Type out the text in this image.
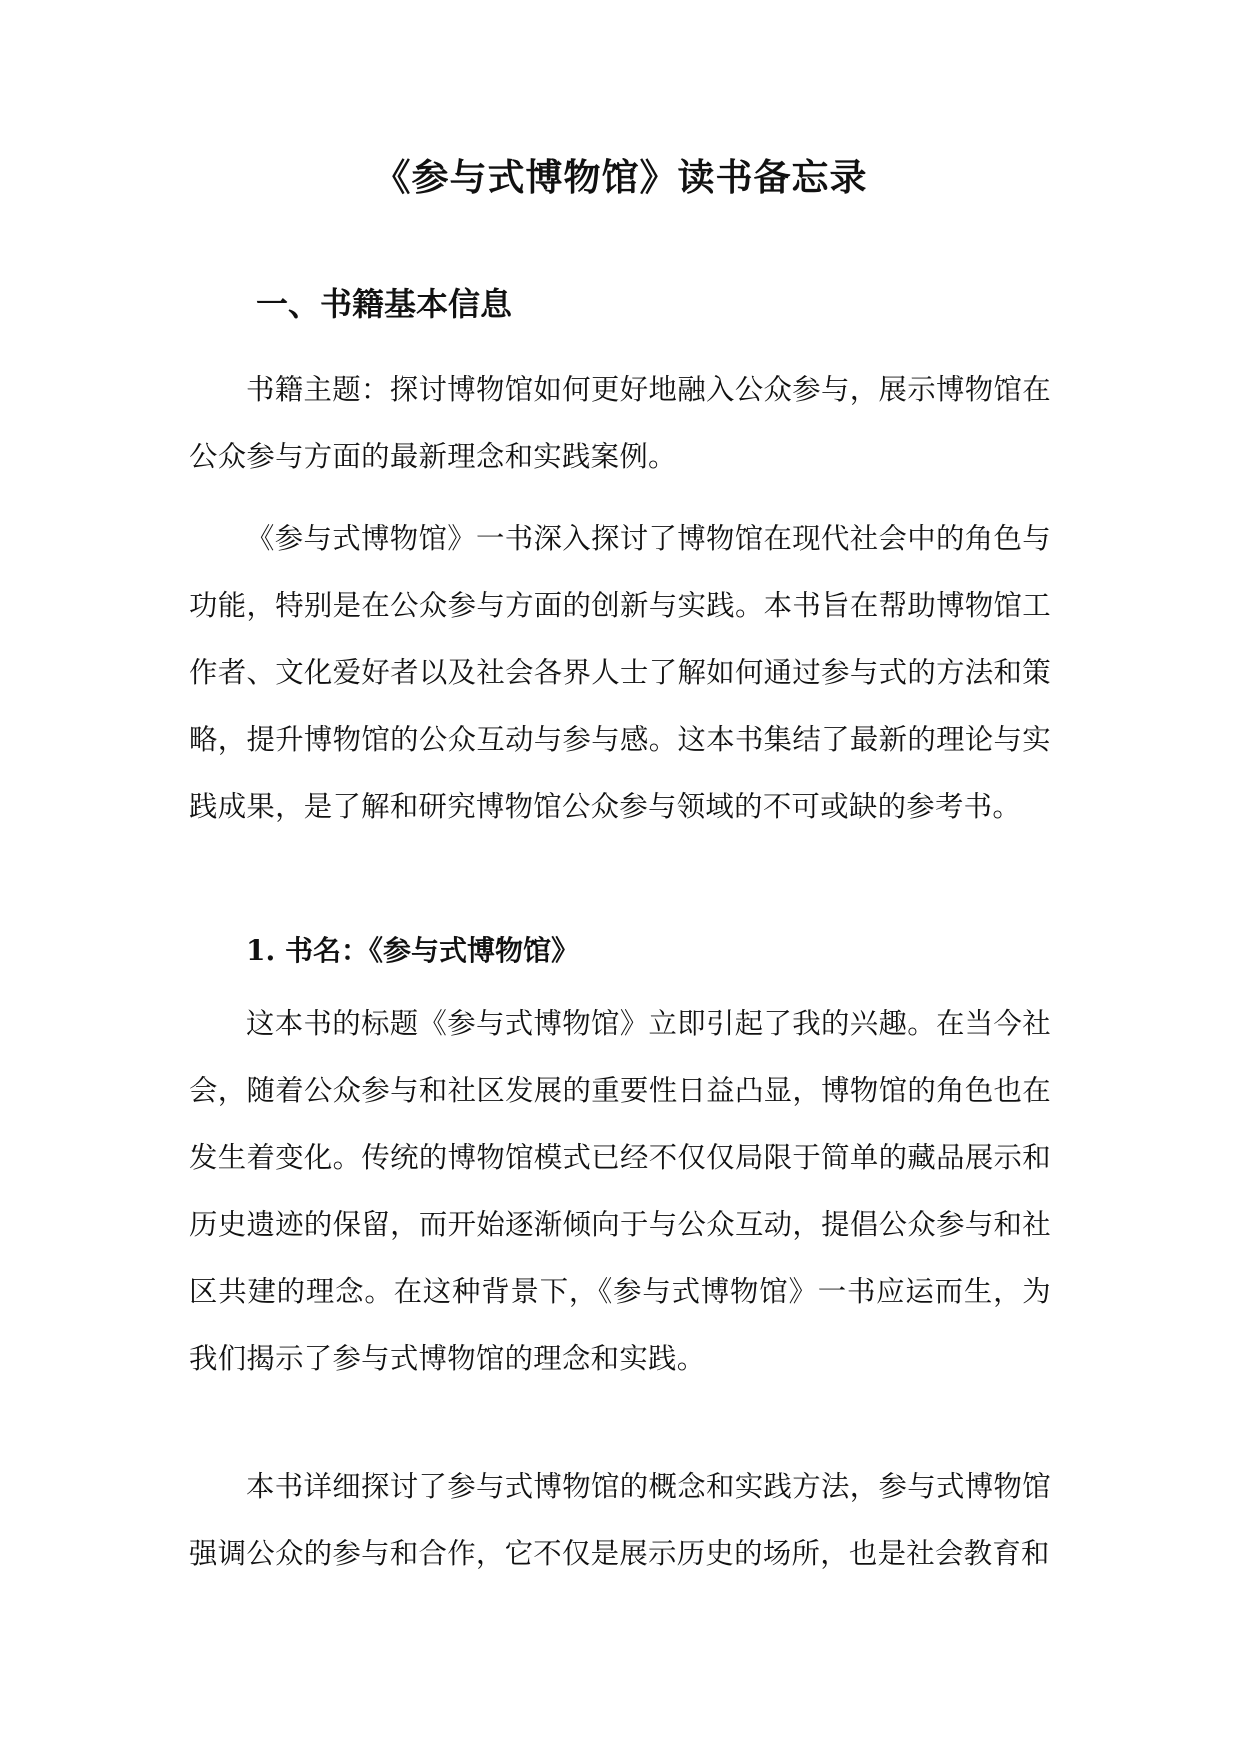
《参与式博物馆》读书备忘录
一、书籍基本信息

书籍主题：探讨博物馆如何更好地融入公众参与，展示博物馆在公众参与方面的最新理念和实践案例。

《参与式博物馆》一书深入探讨了博物馆在现代社会中的角色与功能，特别是在公众参与方面的创新与实践。本书旨在帮助博物馆工作者、文化爱好者以及社会各界人士了解如何通过参与式的方法和策略，提升博物馆的公众互动与参与感。这本书集结了最新的理论与实践成果，是了解和研究博物馆公众参与领域的不可或缺的参考书。

1. 书名：《参与式博物馆》

这本书的标题《参与式博物馆》立即引起了我的兴趣。在当今社会，随着公众参与和社区发展的重要性日益凸显，博物馆的角色也在发生着变化。传统的博物馆模式已经不仅仅局限于简单的藏品展示和历史遗迹的保留，而开始逐渐倾向于与公众互动，提倡公众参与和社区共建的理念。在这种背景下，《参与式博物馆》一书应运而生，为我们揭示了参与式博物馆的理念和实践。

本书详细探讨了参与式博物馆的概念和实践方法，参与式博物馆强调公众的参与和合作，它不仅是展示历史的场所，也是社会教育和
